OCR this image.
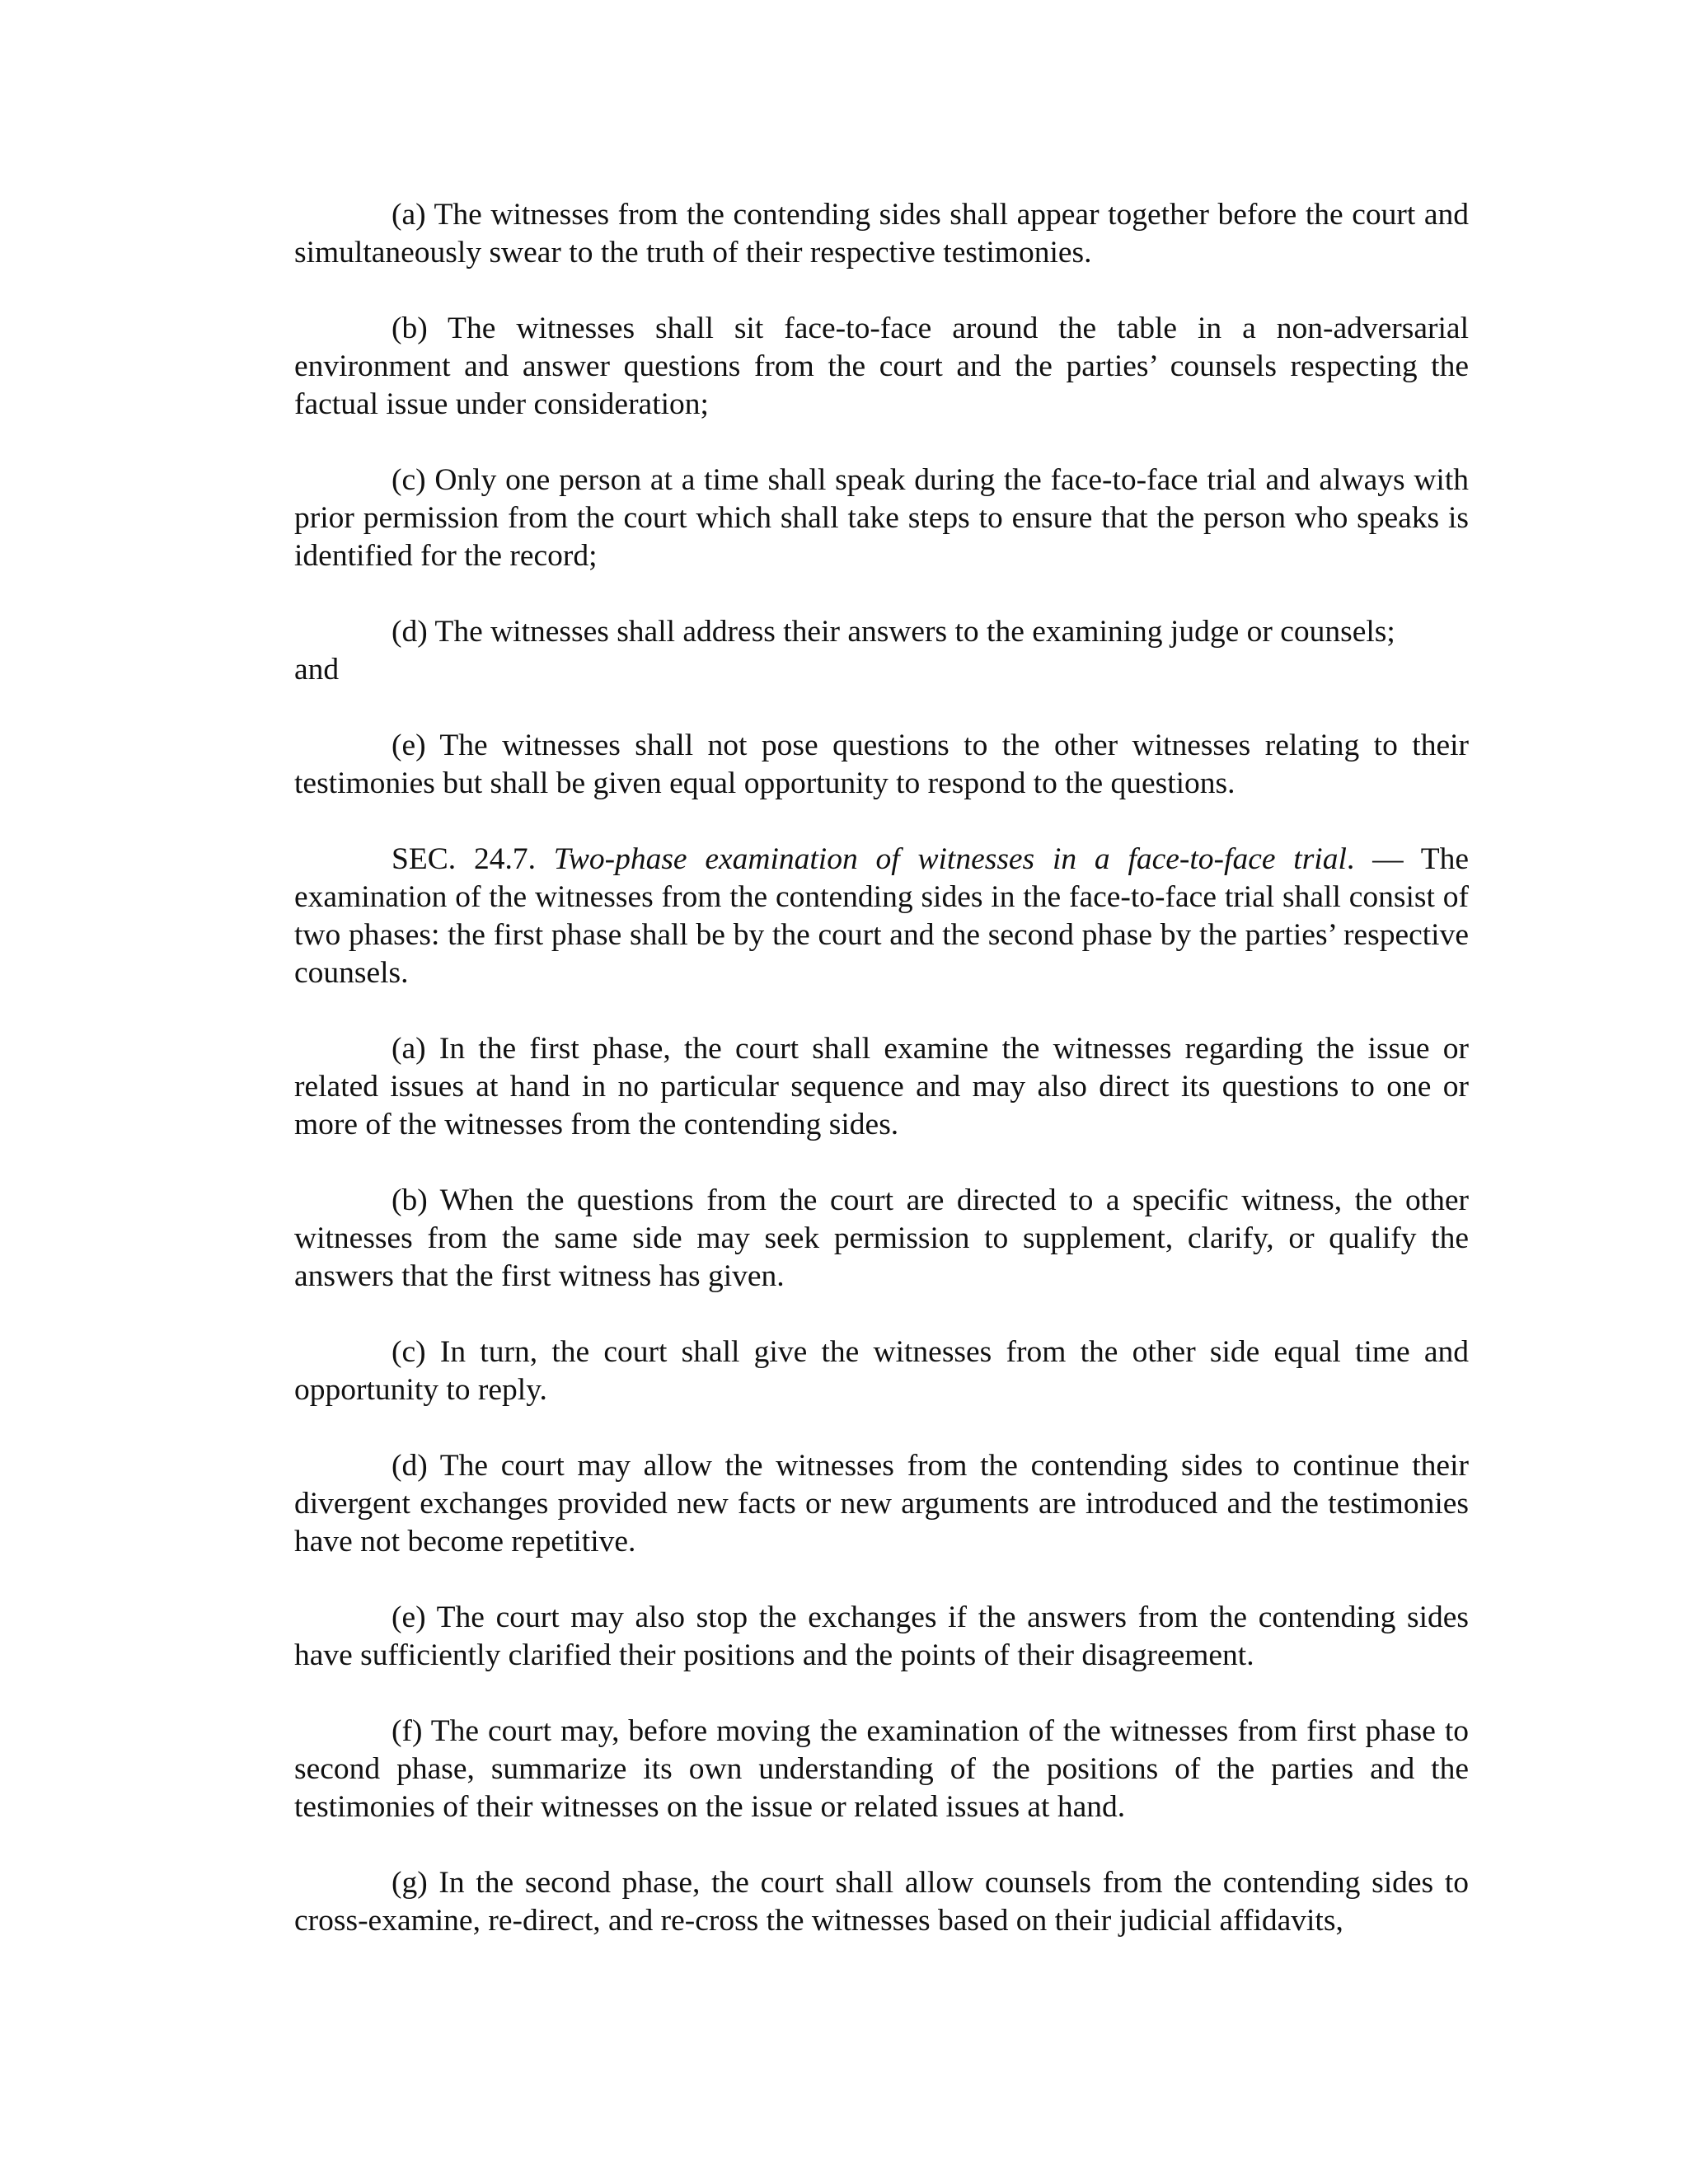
(a) The witnesses from the contending sides shall appear together before the court and simultaneously swear to the truth of their respective testimonies.

(b) The witnesses shall sit face-to-face around the table in a non-adversarial environment and answer questions from the court and the parties’ counsels respecting the factual issue under consideration;

(c) Only one person at a time shall speak during the face-to-face trial and always with prior permission from the court which shall take steps to ensure that the person who speaks is identified for the record;

(d) The witnesses shall address their answers to the examining judge or counsels;

and

(e) The witnesses shall not pose questions to the other witnesses relating to their testimonies but shall be given equal opportunity to respond to the questions.

SEC. 24.7. Two-phase examination of witnesses in a face-to-face trial. — The examination of the witnesses from the contending sides in the face-to-face trial shall consist of two phases: the first phase shall be by the court and the second phase by the parties’ respective counsels.

(a) In the first phase, the court shall examine the witnesses regarding the issue or related issues at hand in no particular sequence and may also direct its questions to one or more of the witnesses from the contending sides.

(b) When the questions from the court are directed to a specific witness, the other witnesses from the same side may seek permission to supplement, clarify, or qualify the answers that the first witness has given.

(c) In turn, the court shall give the witnesses from the other side equal time and opportunity to reply.

(d) The court may allow the witnesses from the contending sides to continue their divergent exchanges provided new facts or new arguments are introduced and the testimonies have not become repetitive.

(e) The court may also stop the exchanges if the answers from the contending sides have sufficiently clarified their positions and the points of their disagreement.

(f) The court may, before moving the examination of the witnesses from first phase to second phase, summarize its own understanding of the positions of the parties and the testimonies of their witnesses on the issue or related issues at hand.

(g) In the second phase, the court shall allow counsels from the contending sides to cross-examine, re-direct, and re-cross the witnesses based on their judicial affidavits,
